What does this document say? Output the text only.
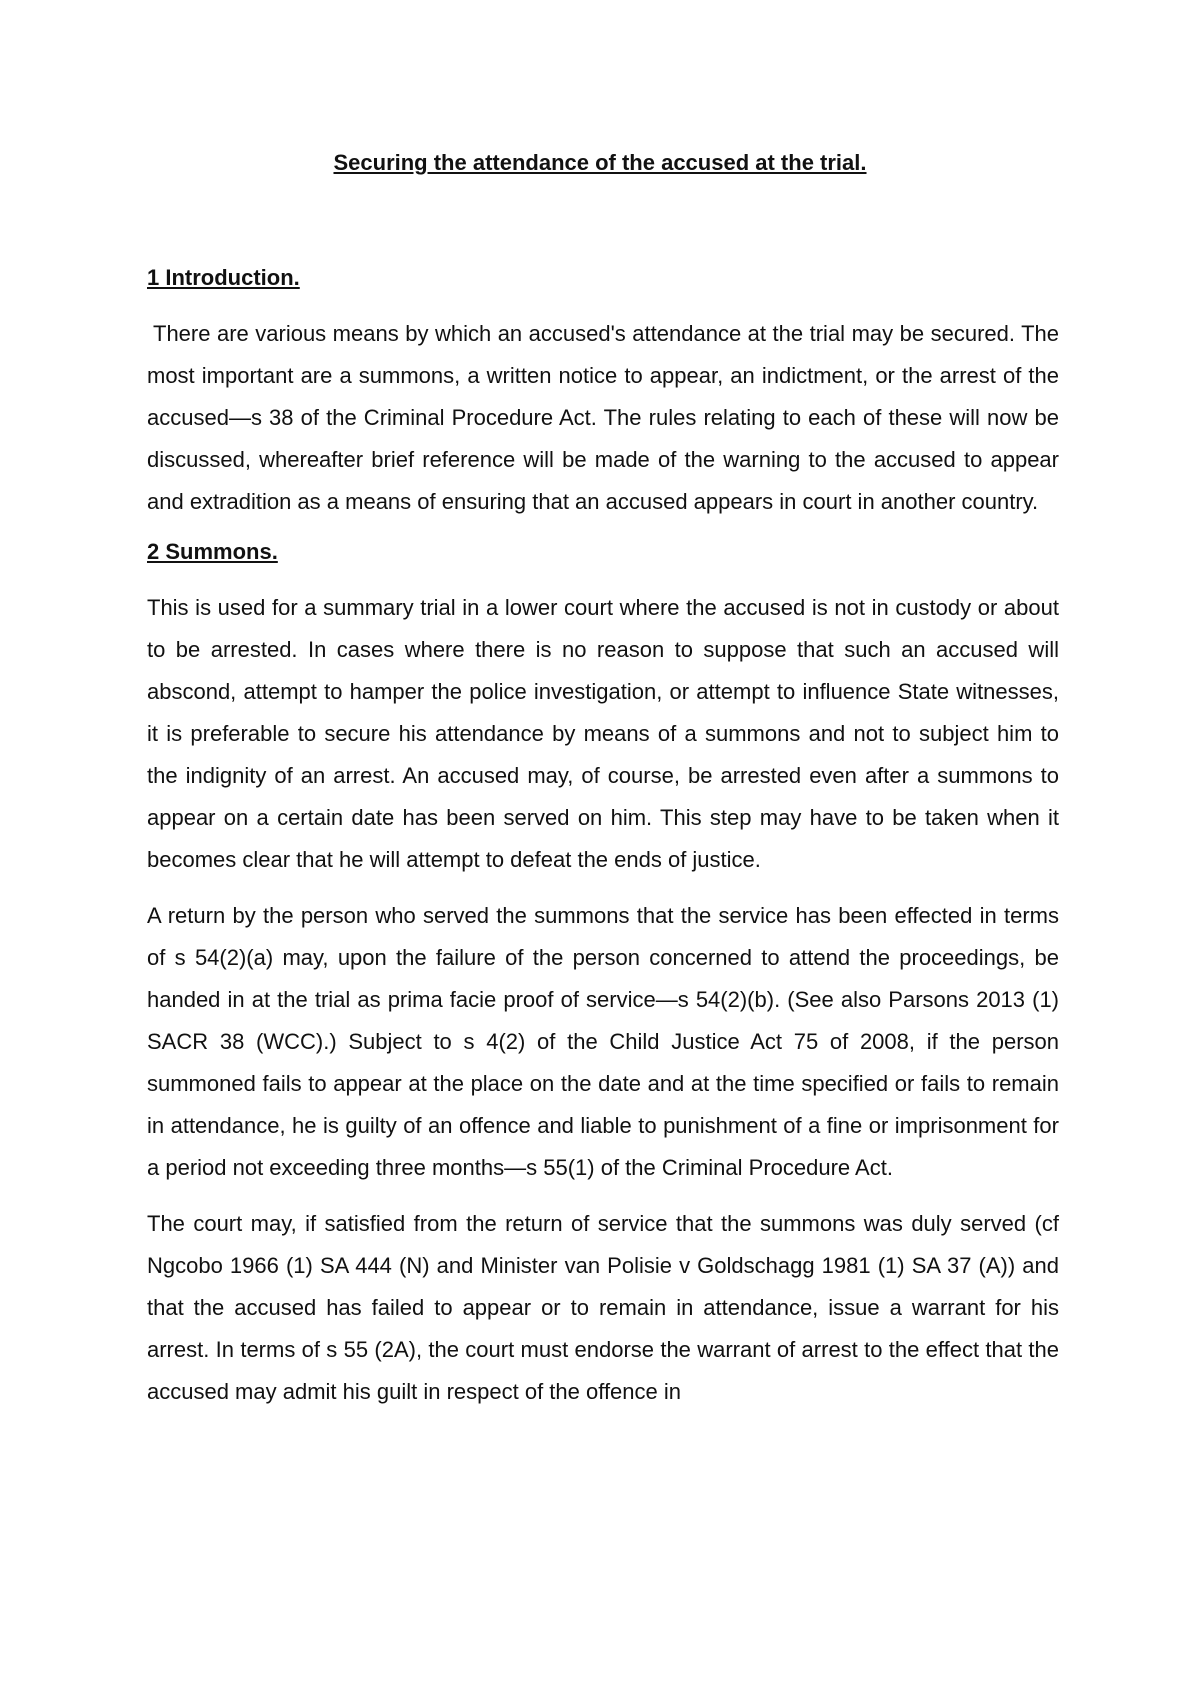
Securing the attendance of the accused at the trial.

1 Introduction.

There are various means by which an accused's attendance at the trial may be secured. The most important are a summons, a written notice to appear, an indictment, or the arrest of the accused—s 38 of the Criminal Procedure Act. The rules relating to each of these will now be discussed, whereafter brief reference will be made of the warning to the accused to appear and extradition as a means of ensuring that an accused appears in court in another country.

2 Summons.

This is used for a summary trial in a lower court where the accused is not in custody or about to be arrested. In cases where there is no reason to suppose that such an accused will abscond, attempt to hamper the police investigation, or attempt to influence State witnesses, it is preferable to secure his attendance by means of a summons and not to subject him to the indignity of an arrest. An accused may, of course, be arrested even after a summons to appear on a certain date has been served on him. This step may have to be taken when it becomes clear that he will attempt to defeat the ends of justice.

A return by the person who served the summons that the service has been effected in terms of s 54(2)(a) may, upon the failure of the person concerned to attend the proceedings, be handed in at the trial as prima facie proof of service—s 54(2)(b). (See also Parsons 2013 (1) SACR 38 (WCC).) Subject to s 4(2) of the Child Justice Act 75 of 2008, if the person summoned fails to appear at the place on the date and at the time specified or fails to remain in attendance, he is guilty of an offence and liable to punishment of a fine or imprisonment for a period not exceeding three months—s 55(1) of the Criminal Procedure Act.

The court may, if satisfied from the return of service that the summons was duly served (cf Ngcobo 1966 (1) SA 444 (N) and Minister van Polisie v Goldschagg 1981 (1) SA 37 (A)) and that the accused has failed to appear or to remain in attendance, issue a warrant for his arrest. In terms of s 55 (2A), the court must endorse the warrant of arrest to the effect that the accused may admit his guilt in respect of the offence in
